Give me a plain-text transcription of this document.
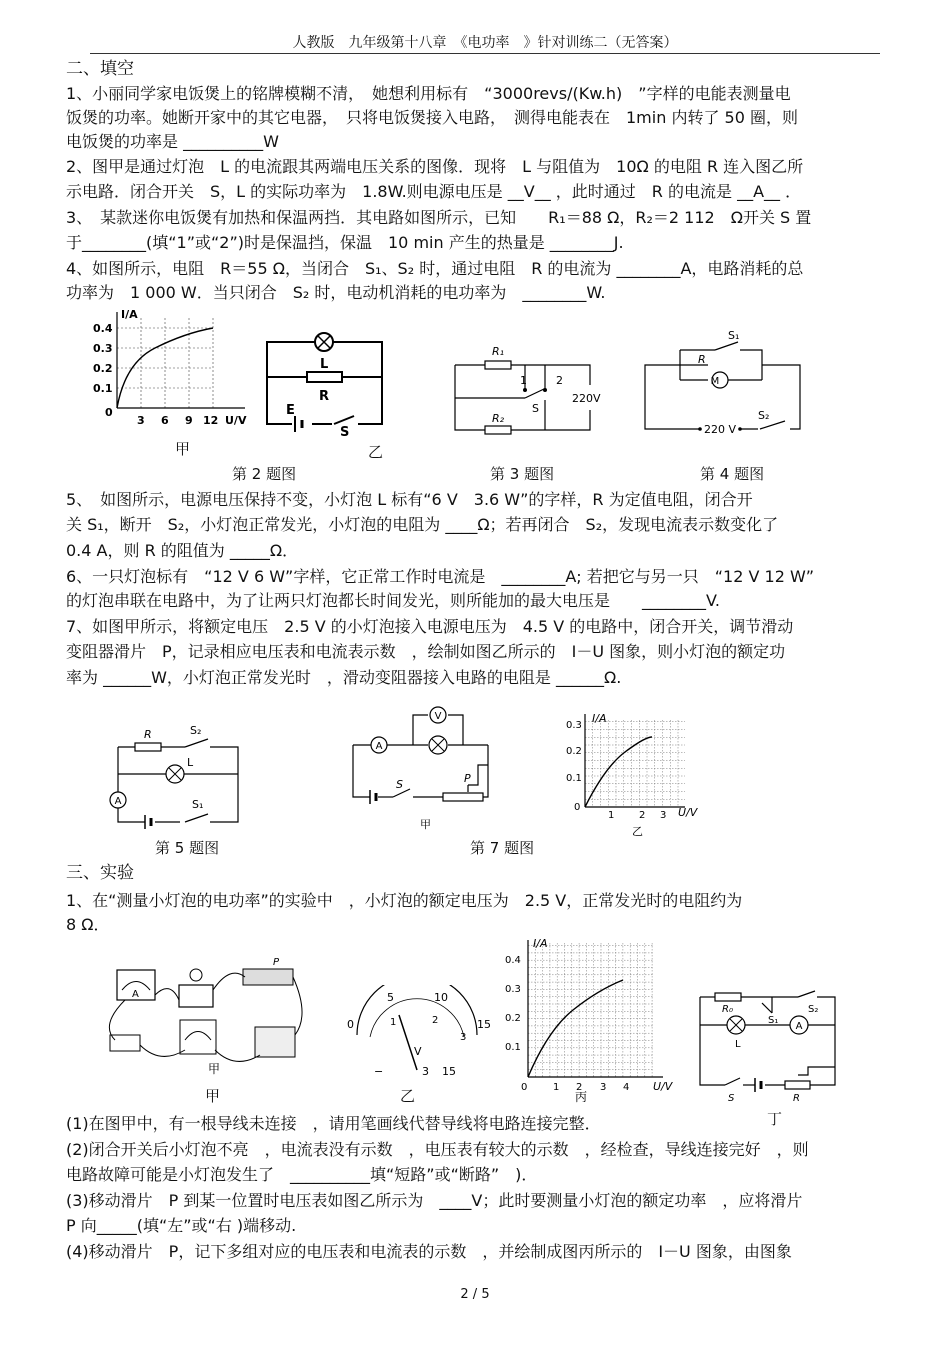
人教版　九年级第十八章　《电功率　》针对训练二（无答案）
二、填空
1、小丽同学家电饭煲上的铭牌模糊不清，　她想利用标有　“3000revs/(Kw.h)　”字样的电能表测量电
饭煲的功率。她断开家中的其它电器，　只将电饭煲接入电路，　测得电能表在　1min 内转了 50 圈，则
电饭煲的功率是 __________W
2、图甲是通过灯泡　L 的电流跟其两端电压关系的图像．现将　L 与阻值为　10Ω 的电阻 R 连入图乙所
示电路．闭合开关　S，L 的实际功率为　1.8W.则电源电压是 __V__ ，此时通过　R 的电流是 __A__ ．
3、　某款迷你电饭煲有加热和保温两挡．其电路如图所示，已知　　R₁＝88 Ω，R₂＝2 112　Ω开关 S 置
于________(填“1”或“2”)时是保温挡，保温　10 min 产生的热量是 ________J.
4、如图所示，电阻　R＝55 Ω，当闭合　S₁、S₂ 时，通过电阻　R 的电流为 ________A，电路消耗的总
功率为　1 000 W．当只闭合　S₂ 时，电动机消耗的电功率为　________W.
I/A
U/V
0.4
0.3
0.2
0.1
0
3 6 9 12
L
R
E
S
甲	乙
R₁
R₂
1	2
S
220V
S₁
R
M
220 V
S₂
第 2 题图	第 3 题图	第 4 题图
5、　如图所示，电源电压保持不变，小灯泡 L 标有“6 V　3.6 W”的字样，R 为定值电阻，闭合开
关 S₁，断开　S₂，小灯泡正常发光，小灯泡的电阻为 ____Ω；若再闭合　S₂，发现电流表示数变化了
0.4 A，则 R 的阻值为 _____Ω．
6、一只灯泡标有　“12 V 6 W”字样，它正常工作时电流是　________A; 若把它与另一只　“12 V 12 W”
的灯泡串联在电路中，为了让两只灯泡都长时间发光，则所能加的最大电压是　　________V.
7、如图甲所示，将额定电压　2.5 V 的小灯泡接入电源电压为　4.5 V 的电路中，闭合开关，调节滑动
变阻器滑片　P，记录相应电压表和电流表示数　，绘制如图乙所示的　I－U 图象，则小灯泡的额定功
率为 ______W，小灯泡正常发光时　，滑动变阻器接入电路的电阻是 ______Ω.
R	S₂
L
A	S₁
V
A
S	P
甲
I/A
U/V
0.3
0.2
0.1
0
1 2 3
乙
第 5 题图	第 7 题图
三、实验
1、在“测量小灯泡的电功率”的实验中　，小灯泡的额定电压为　2.5 V，正常发光时的电阻约为
8 Ω．
A
P
甲
0
5	10
15
1	2
3
V
−	3 15
乙
I/A
U/V
0.4
0.3
0.2
0.1
0	1 2 3 4
丙
A
R₀
S₁
S₂
L
S	R
甲
丁
(1)在图甲中，有一根导线未连接　，请用笔画线代替导线将电路连接完整．
(2)闭合开关后小灯泡不亮　，电流表没有示数　，电压表有较大的示数　，经检查，导线连接完好　，则
电路故障可能是小灯泡发生了　__________填“短路”或“断路”　)．
(3)移动滑片　P 到某一位置时电压表如图乙所示为　____V；此时要测量小灯泡的额定功率　，应将滑片
P 向_____(填“左”或“右 )端移动.
(4)移动滑片　P，记下多组对应的电压表和电流表的示数　，并绘制成图丙所示的　I－U 图象，由图象
2 / 5
